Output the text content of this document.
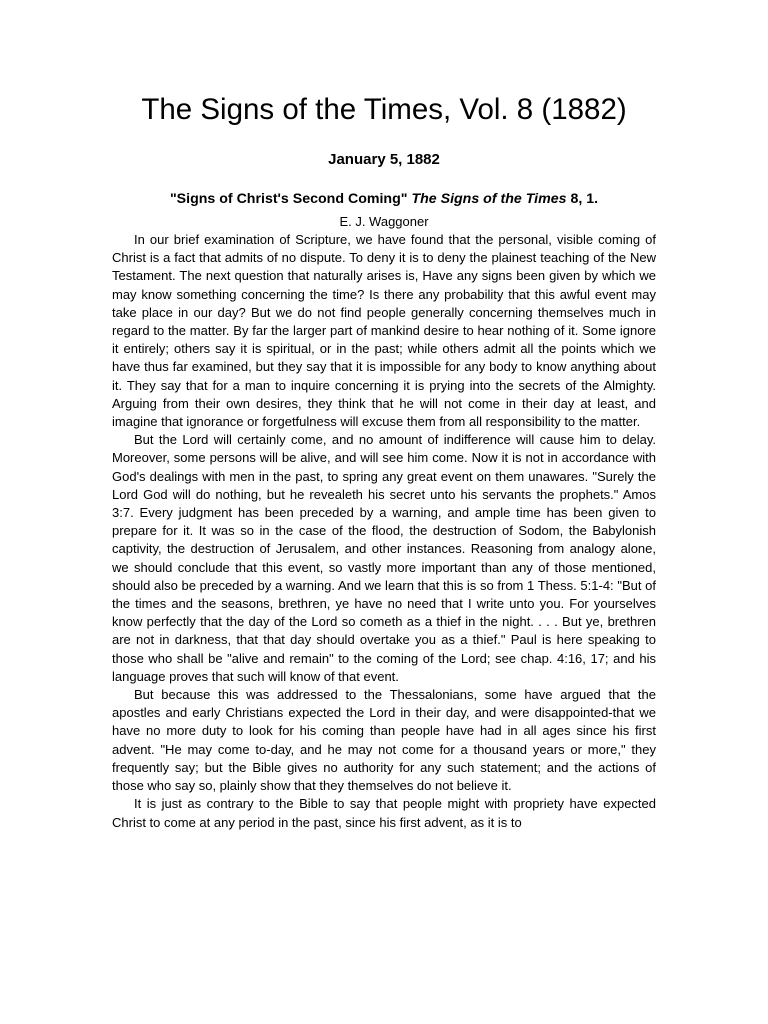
The Signs of the Times, Vol. 8 (1882)
January 5, 1882
"Signs of Christ's Second Coming" The Signs of the Times 8, 1.
E. J. Waggoner

In our brief examination of Scripture, we have found that the personal, visible coming of Christ is a fact that admits of no dispute. To deny it is to deny the plainest teaching of the New Testament. The next question that naturally arises is, Have any signs been given by which we may know something concerning the time? Is there any probability that this awful event may take place in our day? But we do not find people generally concerning themselves much in regard to the matter. By far the larger part of mankind desire to hear nothing of it. Some ignore it entirely; others say it is spiritual, or in the past; while others admit all the points which we have thus far examined, but they say that it is impossible for any body to know anything about it. They say that for a man to inquire concerning it is prying into the secrets of the Almighty. Arguing from their own desires, they think that he will not come in their day at least, and imagine that ignorance or forgetfulness will excuse them from all responsibility to the matter.

But the Lord will certainly come, and no amount of indifference will cause him to delay. Moreover, some persons will be alive, and will see him come. Now it is not in accordance with God's dealings with men in the past, to spring any great event on them unawares. "Surely the Lord God will do nothing, but he revealeth his secret unto his servants the prophets." Amos 3:7. Every judgment has been preceded by a warning, and ample time has been given to prepare for it. It was so in the case of the flood, the destruction of Sodom, the Babylonish captivity, the destruction of Jerusalem, and other instances. Reasoning from analogy alone, we should conclude that this event, so vastly more important than any of those mentioned, should also be preceded by a warning. And we learn that this is so from 1 Thess. 5:1-4: "But of the times and the seasons, brethren, ye have no need that I write unto you. For yourselves know perfectly that the day of the Lord so cometh as a thief in the night. . . . But ye, brethren are not in darkness, that that day should overtake you as a thief." Paul is here speaking to those who shall be "alive and remain" to the coming of the Lord; see chap. 4:16, 17; and his language proves that such will know of that event.

But because this was addressed to the Thessalonians, some have argued that the apostles and early Christians expected the Lord in their day, and were disappointed-that we have no more duty to look for his coming than people have had in all ages since his first advent. "He may come to-day, and he may not come for a thousand years or more," they frequently say; but the Bible gives no authority for any such statement; and the actions of those who say so, plainly show that they themselves do not believe it.

It is just as contrary to the Bible to say that people might with propriety have expected Christ to come at any period in the past, since his first advent, as it is to
